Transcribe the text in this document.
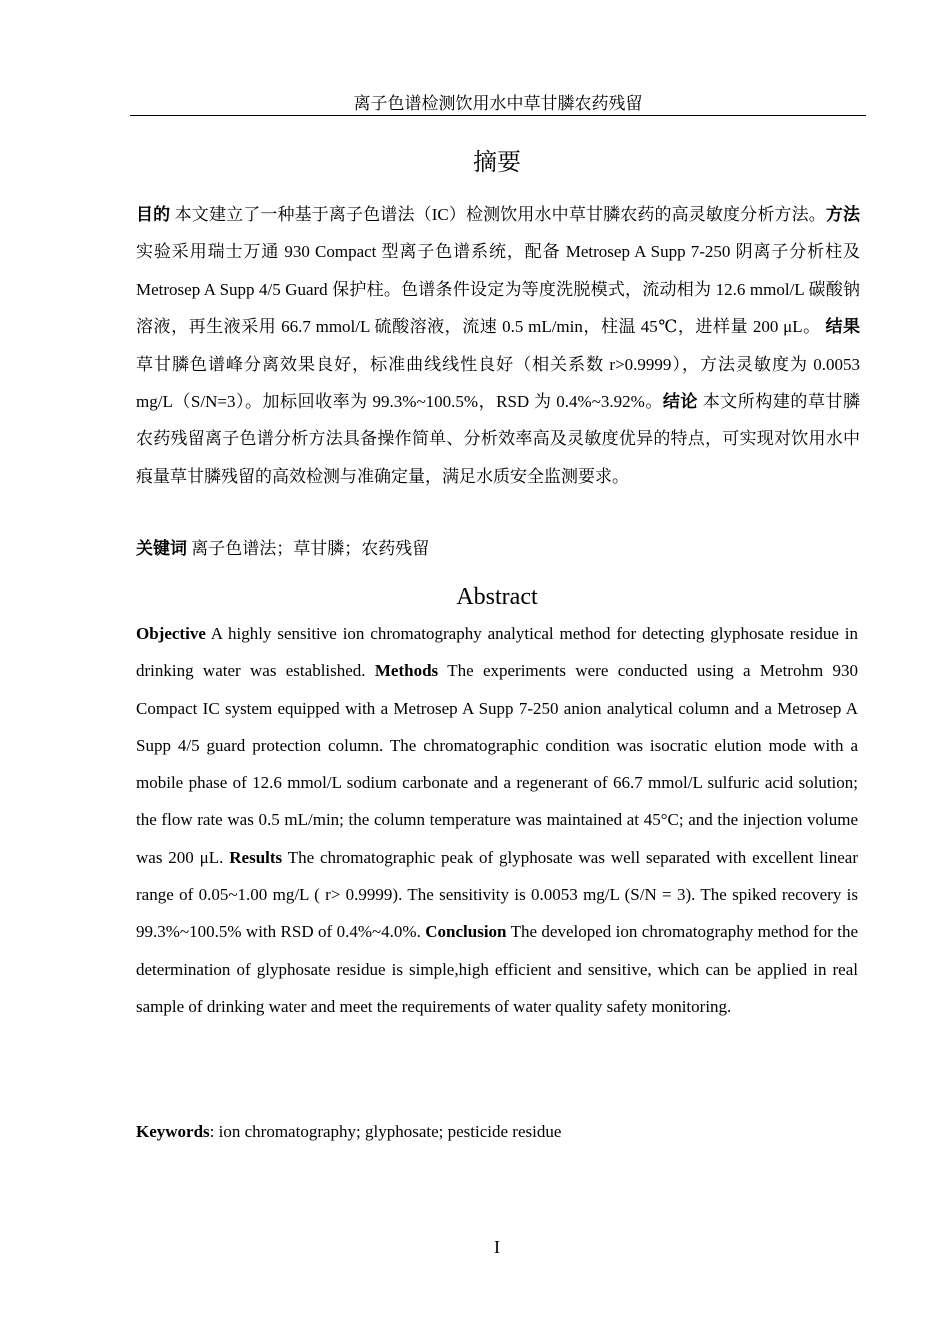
离子色谱检测饮用水中草甘膦农药残留
摘要

目的 本文建立了一种基于离子色谱法（IC）检测饮用水中草甘膦农药的高灵敏度分析方法。方法 实验采用瑞士万通 930 Compact 型离子色谱系统，配备 Metrosep A Supp 7-250 阴离子分析柱及 Metrosep A Supp 4/5 Guard 保护柱。色谱条件设定为等度洗脱模式，流动相为 12.6 mmol/L 碳酸钠溶液，再生液采用 66.7 mmol/L 硫酸溶液，流速 0.5 mL/min，柱温 45℃，进样量 200 μL。 结果 草甘膦色谱峰分离效果良好，标准曲线线性良好（相关系数 r>0.9999），方法灵敏度为 0.0053 mg/L（S/N=3）。加标回收率为 99.3%~100.5%，RSD 为 0.4%~3.92%。结论 本文所构建的草甘膦农药残留离子色谱分析方法具备操作简单、分析效率高及灵敏度优异的特点，可实现对饮用水中痕量草甘膦残留的高效检测与准确定量，满足水质安全监测要求。

关键词 离子色谱法；草甘膦；农药残留

Abstract

Objective A highly sensitive ion chromatography analytical method for detecting glyphosate residue in drinking water was established. Methods The experiments were conducted using a Metrohm 930 Compact IC system equipped with a Metrosep A Supp 7-250 anion analytical column and a Metrosep A Supp 4/5 guard protection column. The chromatographic condition was isocratic elution mode with a mobile phase of 12.6 mmol/L sodium carbonate and a regenerant of 66.7 mmol/L sulfuric acid solution; the flow rate was 0.5 mL/min; the column temperature was maintained at 45°C; and the injection volume was 200 μL. Results The chromatographic peak of glyphosate was well separated with excellent linear range of 0.05~1.00 mg/L ( r> 0.9999). The sensitivity is 0.0053 mg/L (S/N = 3). The spiked recovery is 99.3%~100.5% with RSD of 0.4%~4.0%. Conclusion The developed ion chromatography method for the determination of glyphosate residue is simple,high efficient and sensitive, which can be applied in real sample of drinking water and meet the requirements of water quality safety monitoring.

Keywords: ion chromatography; glyphosate; pesticide residue

I
